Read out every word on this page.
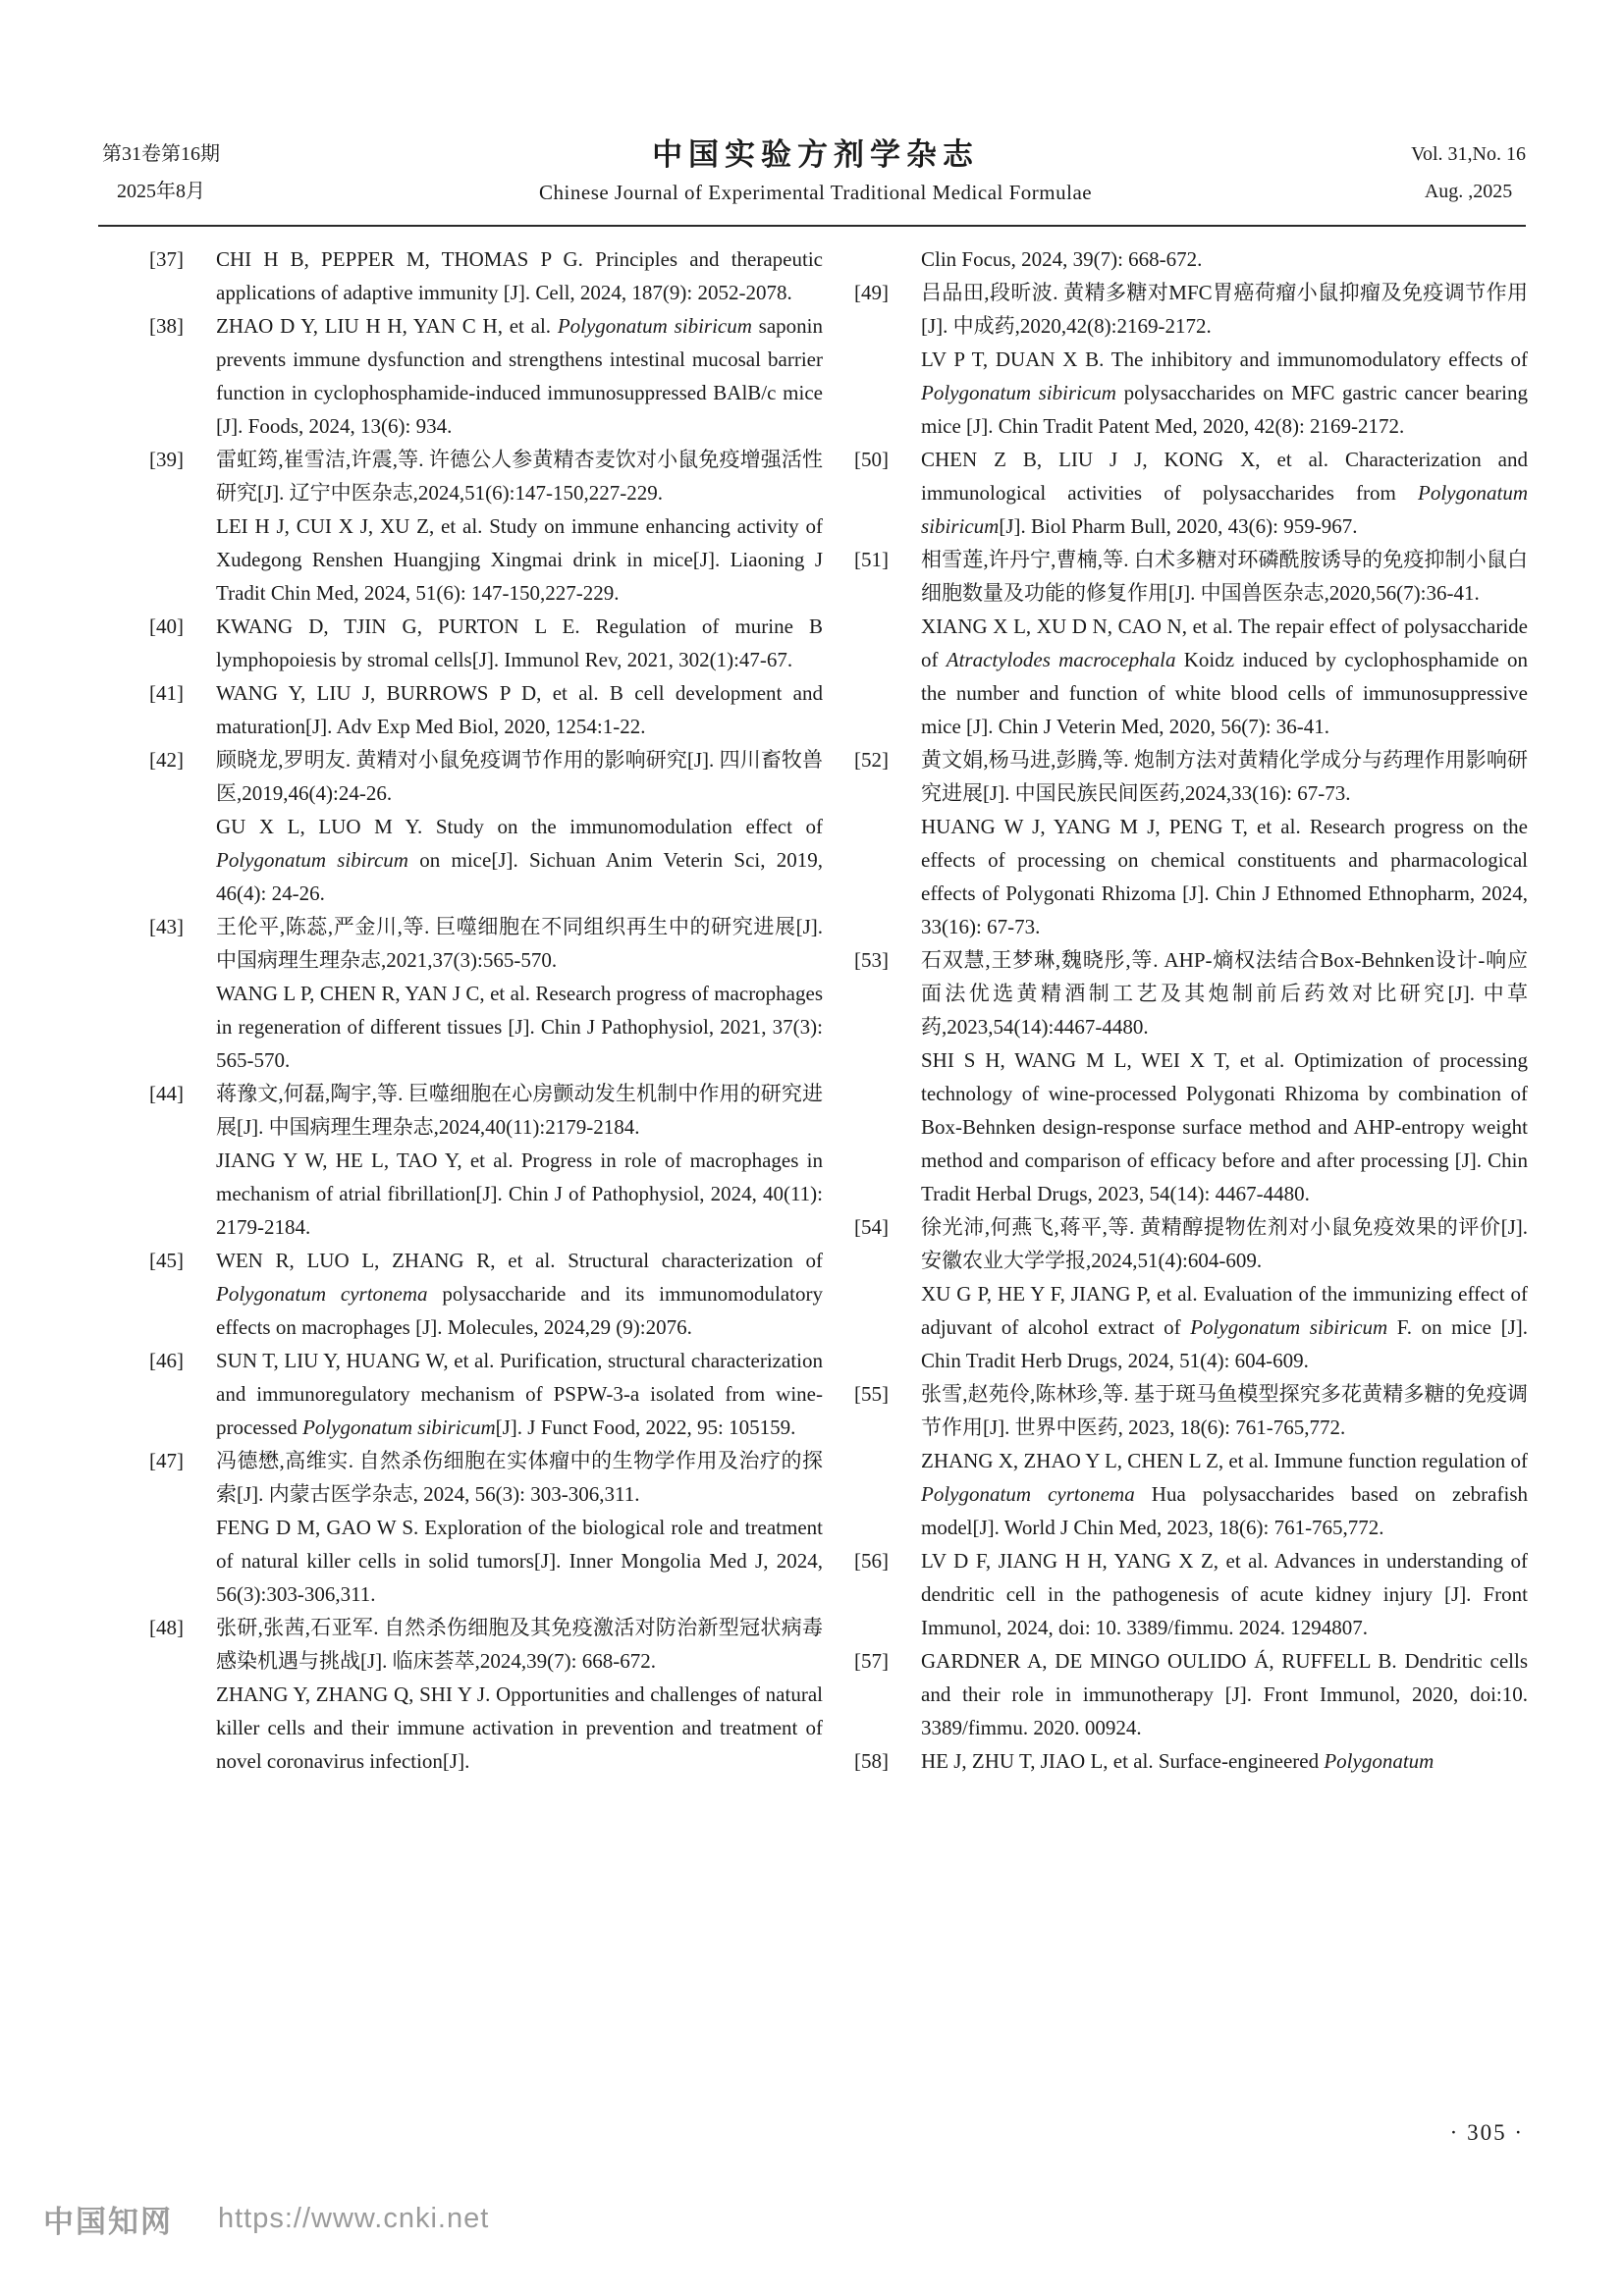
第31卷第16期
2025年8月
中国实验方剂学杂志
Chinese Journal of Experimental Traditional Medical Formulae
Vol. 31,No. 16
Aug. ,2025
[37]	CHI H B, PEPPER M, THOMAS P G. Principles and therapeutic applications of adaptive immunity [J]. Cell, 2024, 187(9): 2052-2078.

[38]	ZHAO D Y, LIU H H, YAN C H, et al. Polygonatum sibiricum saponin prevents immune dysfunction and strengthens intestinal mucosal barrier function in cyclophosphamide-induced immunosuppressed BAlB/c mice [J]. Foods, 2024, 13(6): 934.

[39]	雷虹筠,崔雪洁,许震,等. 许德公人参黄精杏麦饮对小鼠免疫增强活性研究[J]. 辽宁中医杂志,2024,51(6):147-150,227-229.

LEI H J, CUI X J, XU Z, et al. Study on immune enhancing activity of Xudegong Renshen Huangjing Xingmai drink in mice[J]. Liaoning J Tradit Chin Med, 2024, 51(6): 147-150,227-229.

[40]	KWANG D, TJIN G, PURTON L E. Regulation of murine B lymphopoiesis by stromal cells[J]. Immunol Rev, 2021, 302(1):47-67.

[41]	WANG Y, LIU J, BURROWS P D, et al. B cell development and maturation[J]. Adv Exp Med Biol, 2020, 1254:1-22.

[42]	顾晓龙,罗明友. 黄精对小鼠免疫调节作用的影响研究[J]. 四川畜牧兽医,2019,46(4):24-26.

GU X L, LUO M Y. Study on the immunomodulation effect of Polygonatum sibircum on mice[J]. Sichuan Anim Veterin Sci, 2019, 46(4): 24-26.

[43]	王伦平,陈蕊,严金川,等. 巨噬细胞在不同组织再生中的研究进展[J]. 中国病理生理杂志,2021,37(3):565-570.

WANG L P, CHEN R, YAN J C, et al. Research progress of macrophages in regeneration of different tissues [J]. Chin J Pathophysiol, 2021, 37(3): 565-570.

[44]	蒋豫文,何磊,陶宇,等. 巨噬细胞在心房颤动发生机制中作用的研究进展[J]. 中国病理生理杂志,2024,40(11):2179-2184.

JIANG Y W, HE L, TAO Y, et al. Progress in role of macrophages in mechanism of atrial fibrillation[J]. Chin J of Pathophysiol, 2024, 40(11): 2179-2184.

[45]	WEN R, LUO L, ZHANG R, et al. Structural characterization of Polygonatum cyrtonema polysaccharide and its immunomodulatory effects on macrophages [J]. Molecules, 2024,29 (9):2076.

[46]	SUN T, LIU Y, HUANG W, et al. Purification, structural characterization and immunoregulatory mechanism of PSPW-3-a isolated from wine-processed Polygonatum sibiricum[J]. J Funct Food, 2022, 95: 105159.

[47]	冯德懋,高维实. 自然杀伤细胞在实体瘤中的生物学作用及治疗的探索[J]. 内蒙古医学杂志, 2024, 56(3): 303-306,311.

FENG D M, GAO W S. Exploration of the biological role and treatment of natural killer cells in solid tumors[J]. Inner Mongolia Med J, 2024, 56(3):303-306,311.

[48]	张研,张茜,石亚军. 自然杀伤细胞及其免疫激活对防治新型冠状病毒感染机遇与挑战[J]. 临床荟萃,2024,39(7): 668-672.

ZHANG Y, ZHANG Q, SHI Y J. Opportunities and challenges of natural killer cells and their immune activation in prevention and treatment of novel coronavirus infection[J].

Clin Focus, 2024, 39(7): 668-672.

[49]	吕品田,段昕波. 黄精多糖对MFC胃癌荷瘤小鼠抑瘤及免疫调节作用[J]. 中成药,2020,42(8):2169-2172.

LV P T, DUAN X B. The inhibitory and immunomodulatory effects of Polygonatum sibiricum polysaccharides on MFC gastric cancer bearing mice [J]. Chin Tradit Patent Med, 2020, 42(8): 2169-2172.

[50]	CHEN Z B, LIU J J, KONG X, et al. Characterization and immunological activities of polysaccharides from Polygonatum sibiricum[J]. Biol Pharm Bull, 2020, 43(6): 959-967.

[51]	相雪莲,许丹宁,曹楠,等. 白术多糖对环磷酰胺诱导的免疫抑制小鼠白细胞数量及功能的修复作用[J]. 中国兽医杂志,2020,56(7):36-41.

XIANG X L, XU D N, CAO N, et al. The repair effect of polysaccharide of Atractylodes macrocephala Koidz induced by cyclophosphamide on the number and function of white blood cells of immunosuppressive mice [J]. Chin J Veterin Med, 2020, 56(7): 36-41.

[52]	黄文娟,杨马进,彭腾,等. 炮制方法对黄精化学成分与药理作用影响研究进展[J]. 中国民族民间医药,2024,33(16): 67-73.

HUANG W J, YANG M J, PENG T, et al. Research progress on the effects of processing on chemical constituents and pharmacological effects of Polygonati Rhizoma [J]. Chin J Ethnomed Ethnopharm, 2024, 33(16): 67-73.

[53]	石双慧,王梦琳,魏晓彤,等. AHP-熵权法结合Box-Behnken设计-响应面法优选黄精酒制工艺及其炮制前后药效对比研究[J]. 中草药,2023,54(14):4467-4480.

SHI S H, WANG M L, WEI X T, et al. Optimization of processing technology of wine-processed Polygonati Rhizoma by combination of Box-Behnken design-response surface method and AHP-entropy weight method and comparison of efficacy before and after processing [J]. Chin Tradit Herbal Drugs, 2023, 54(14): 4467-4480.

[54]	徐光沛,何燕飞,蒋平,等. 黄精醇提物佐剂对小鼠免疫效果的评价[J]. 安徽农业大学学报,2024,51(4):604-609.

XU G P, HE Y F, JIANG P, et al. Evaluation of the immunizing effect of adjuvant of alcohol extract of Polygonatum sibiricum F. on mice [J]. Chin Tradit Herb Drugs, 2024, 51(4): 604-609.

[55]	张雪,赵苑伶,陈林珍,等. 基于斑马鱼模型探究多花黄精多糖的免疫调节作用[J]. 世界中医药, 2023, 18(6): 761-765,772.

ZHANG X, ZHAO Y L, CHEN L Z, et al. Immune function regulation of Polygonatum cyrtonema Hua polysaccharides based on zebrafish model[J]. World J Chin Med, 2023, 18(6): 761-765,772.

[56]	LV D F, JIANG H H, YANG X Z, et al. Advances in understanding of dendritic cell in the pathogenesis of acute kidney injury [J]. Front Immunol, 2024, doi: 10. 3389/fimmu. 2024. 1294807.

[57]	GARDNER A, DE MINGO OULIDO Á, RUFFELL B. Dendritic cells and their role in immunotherapy [J]. Front Immunol, 2020, doi:10. 3389/fimmu. 2020. 00924.

[58]	HE J, ZHU T, JIAO L, et al. Surface-engineered Polygonatum

· 305 ·
中国知网 https://www.cnki.net
